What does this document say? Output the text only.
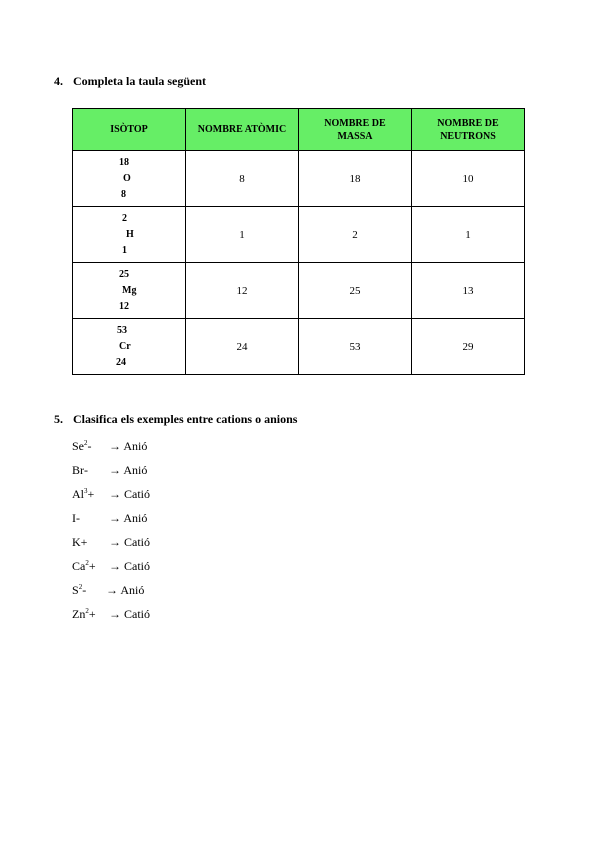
4. Completa la taula següent
ISÒTOP	NOMBRE ATÒMIC	NOMBRE DE MASSA	NOMBRE DE NEUTRONS

18
O
8	8	18	10

2
H
1	1	2	1

25
Mg
12	12	25	13

53
Cr
24	24	53	29
5. Clasifica els exemples entre cations o anions
$Se^2-$ → Anió
Br- → Anió
$Al^3+$ → Catió
I- → Anió
K+ → Catió
$Ca^2+$ → Catió
$S^2-$ → Anió
$Zn^2+$ → Catió
